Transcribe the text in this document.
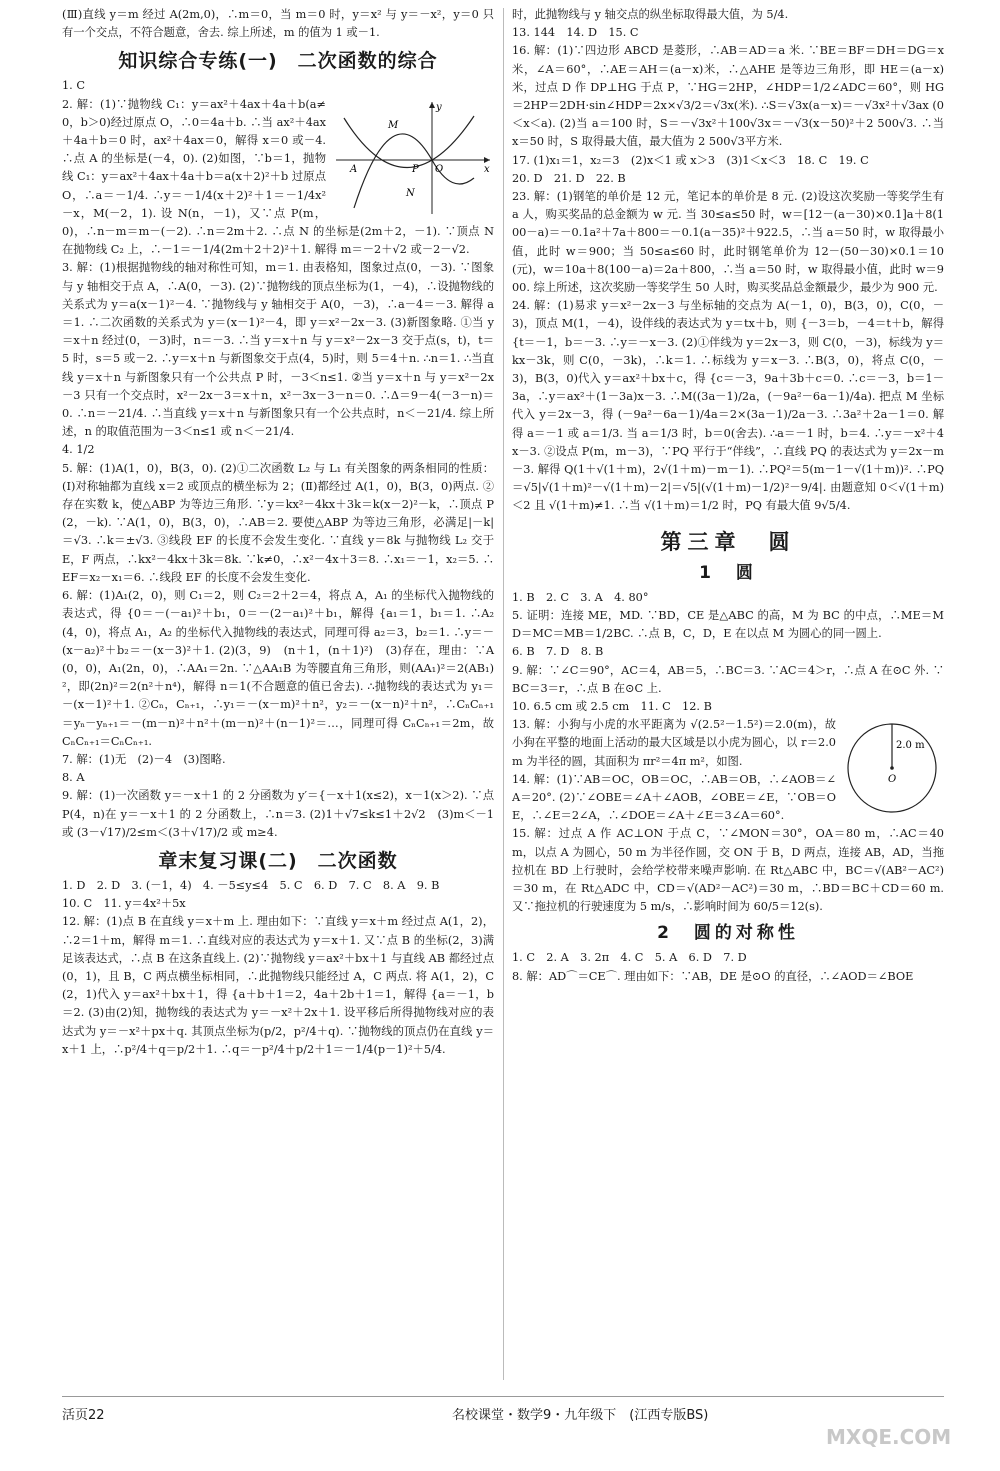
(Ⅲ)直线 y＝m 经过 A(2m,0)，∴m＝0，当 m＝0 时，y＝x² 与 y＝－x²，y＝0 只有一个交点，不符合题意，舍去. 综上所述，m 的值为 1 或－1.

知识综合专练(一)　二次函数的综合

1. C

y
M
P O
N
A	x

2. 解：(1)∵抛物线 C₁：y＝ax²＋4ax＋4a＋b(a≠0，b＞0)经过原点 O，∴0＝4a＋b. ∴当 ax²＋4ax＋4a＋b＝0 时，ax²＋4ax＝0，解得 x＝0 或－4. ∴点 A 的坐标是(－4，0). (2)如图，∵b＝1，抛物线 C₁：y＝ax²＋4ax＋4a＋b＝a(x＋2)²＋b 过原点 O，∴a＝－1/4. ∴y＝－1/4(x＋2)²＋1＝－1/4x²－x，M(－2，1). 设 N(n，－1)，又∵点 P(m，0)，∴n－m＝m－(－2). ∴n＝2m＋2. ∴点 N 的坐标是(2m＋2，－1). ∵顶点 N 在抛物线 C₂ 上，∴－1＝－1/4(2m＋2＋2)²＋1. 解得 m＝－2＋√2 或－2－√2.

3. 解：(1)根据抛物线的轴对称性可知，m＝1. 由表格知，图象过点(0，－3). ∵图象与 y 轴相交于点 A，∴A(0，－3). (2)∵抛物线的顶点坐标为(1，－4)，∴设抛物线的关系式为 y＝a(x－1)²－4. ∵抛物线与 y 轴相交于 A(0，－3)，∴a－4＝－3. 解得 a＝1. ∴二次函数的关系式为 y＝(x－1)²－4，即 y＝x²－2x－3. (3)新图象略. ①当 y＝x＋n 经过(0，－3)时，n＝－3. ∴当 y＝x＋n 与 y＝x²－2x－3 交于点(s，t)，t＝5 时，s＝5 或－2. ∴y＝x＋n 与新图象交于点(4，5)时，则 5＝4＋n. ∴n＝1. ∴当直线 y＝x＋n 与新图象只有一个公共点 P 时，－3＜n≤1. ②当 y＝x＋n 与 y＝x²－2x－3 只有一个交点时，x²－2x－3＝x＋n，x²－3x－3－n＝0. ∴Δ＝9－4(－3－n)＝0. ∴n＝－21/4. ∴当直线 y＝x＋n 与新图象只有一个公共点时，n＜－21/4. 综上所述，n 的取值范围为－3＜n≤1 或 n＜－21/4.

4. 1/2

5. 解：(1)A(1，0)，B(3，0). (2)①二次函数 L₂ 与 L₁ 有关图象的两条相同的性质：(Ⅰ)对称轴都为直线 x＝2 或顶点的横坐标为 2；(Ⅱ)都经过 A(1，0)，B(3，0)两点. ②存在实数 k，使△ABP 为等边三角形. ∵y＝kx²－4kx＋3k＝k(x－2)²－k，∴顶点 P(2，－k). ∵A(1，0)，B(3，0)，∴AB＝2. 要使△ABP 为等边三角形，必满足|－k|＝√3. ∴k＝±√3. ③线段 EF 的长度不会发生变化. ∵直线 y＝8k 与抛物线 L₂ 交于 E，F 两点，∴kx²－4kx＋3k＝8k. ∵k≠0，∴x²－4x＋3＝8. ∴x₁＝－1，x₂＝5. ∴EF＝x₂－x₁＝6. ∴线段 EF 的长度不会发生变化.

6. 解：(1)A₁(2，0)，则 C₁＝2，则 C₂＝2＋2＝4，将点 A，A₁ 的坐标代入抛物线的表达式，得 {0＝－(－a₁)²＋b₁，0＝－(2－a₁)²＋b₁，解得 {a₁＝1，b₁＝1. ∴A₂(4，0)，将点 A₁，A₂ 的坐标代入抛物线的表达式，同理可得 a₂＝3，b₂＝1. ∴y＝－(x－a₂)²＋b₂＝－(x－3)²＋1. (2)(3，9)　(n＋1，(n＋1)²)　(3)存在，理由：∵A(0，0)，A₁(2n，0)，∴AA₁＝2n. ∵△AA₁B 为等腰直角三角形，则(AA₁)²＝2(AB₁)²，即(2n)²＝2(n²＋n⁴)，解得 n＝1(不合题意的值已舍去). ∴抛物线的表达式为 y₁＝－(x－1)²＋1. ②Cₙ，Cₙ₊₁，∴y₁＝－(x－m)²＋n²，y₂＝－(x－n)²＋n²，∴CₙCₙ₊₁＝yₙ－yₙ₊₁＝－(m－n)²＋n²＋(m－n)²＋(n－1)²＝…，同理可得 CₙCₙ₊₁＝2m，故 CₙCₙ₊₁＝CₙCₙ₊₁.

7. 解：(1)无　(2)－4　(3)图略.

8. A

9. 解：(1)一次函数 y＝－x＋1 的 2 分函数为 y′＝{－x＋1(x≤2)，x－1(x＞2). ∵点 P(4，n)在 y＝－x＋1 的 2 分函数上，∴n＝3. (2)1＋√7≤k≤1＋2√2　(3)m＜－1 或 (3－√17)/2≤m＜(3＋√17)/2 或 m≥4.

章末复习课(二)　二次函数

1. D　2. D　3. (－1，4)　4. －5≤y≤4　5. C　6. D　7. C　8. A　9. B

10. C　11. y＝4x²＋5x

12. 解：(1)点 B 在直线 y＝x＋m 上. 理由如下：∵直线 y＝x＋m 经过点 A(1，2)，∴2＝1＋m，解得 m＝1. ∴直线对应的表达式为 y＝x＋1. 又∵点 B 的坐标(2，3)满足该表达式，∴点 B 在这条直线上. (2)∵抛物线 y＝ax²＋bx＋1 与直线 AB 都经过点(0，1)，且 B，C 两点横坐标相同，∴此抛物线只能经过 A，C 两点. 将 A(1，2)，C(2，1)代入 y＝ax²＋bx＋1，得 {a＋b＋1＝2，4a＋2b＋1＝1，解得 {a＝－1，b＝2. (3)由(2)知，抛物线的表达式为 y＝－x²＋2x＋1. 设平移后所得抛物线对应的表达式为 y＝－x²＋px＋q. 其顶点坐标为(p/2，p²/4＋q). ∵抛物线的顶点仍在直线 y＝x＋1 上，∴p²/4＋q＝p/2＋1. ∴q＝－p²/4＋p/2＋1＝－1/4(p－1)²＋5/4.

时，此抛物线与 y 轴交点的纵坐标取得最大值，为 5/4.

13. 144　14. D　15. C

16. 解：(1)∵四边形 ABCD 是菱形，∴AB＝AD＝a 米. ∵BE＝BF＝DH＝DG＝x 米，∠A＝60°，∴AE＝AH＝(a－x)米，∴△AHE 是等边三角形，即 HE＝(a－x)米，过点 D 作 DP⊥HG 于点 P，∵HG＝2HP，∠HDP＝1/2∠ADC＝60°，则 HG＝2HP＝2DH·sin∠HDP＝2x×√3/2＝√3x(米). ∴S＝√3x(a－x)＝－√3x²＋√3ax (0＜x＜a). (2)当 a＝100 时，S＝－√3x²＋100√3x＝－√3(x－50)²＋2 500√3. ∴当 x＝50 时，S 取得最大值，最大值为 2 500√3平方米.

17. (1)x₁＝1，x₂＝3　(2)x＜1 或 x＞3　(3)1＜x＜3　18. C　19. C

20. D　21. D　22. B

23. 解：(1)钢笔的单价是 12 元，笔记本的单价是 8 元. (2)设这次奖励一等奖学生有 a 人，购买奖品的总金额为 w 元. 当 30≤a≤50 时，w＝[12－(a－30)×0.1]a＋8(100－a)＝－0.1a²＋7a＋800＝－0.1(a－35)²＋922.5，∴当 a＝50 时，w 取得最小值，此时 w＝900；当 50≤a≤60 时，此时钢笔单价为 12－(50－30)×0.1＝10(元)，w＝10a＋8(100－a)＝2a＋800，∴当 a＝50 时，w 取得最小值，此时 w＝900. 综上所述，这次奖励一等奖学生 50 人时，购买奖品总金额最少，最少为 900 元.

24. 解：(1)易求 y＝x²－2x－3 与坐标轴的交点为 A(－1，0)，B(3，0)，C(0，－3)，顶点 M(1，－4)，设伴线的表达式为 y＝tx＋b，则 {－3＝b，－4＝t＋b，解得 {t＝－1，b＝－3. ∴y＝－x－3. (2)①伴线为 y＝2x－3，则 C(0，－3)，标线为 y＝kx－3k，则 C(0，－3k)，∴k＝1. ∴标线为 y＝x－3. ∴B(3，0)，将点 C(0，－3)，B(3，0)代入 y＝ax²＋bx＋c，得 {c＝－3，9a＋3b＋c＝0. ∴c＝－3，b＝1－3a，∴y＝ax²＋(1－3a)x－3. ∴M((3a－1)/2a，(－9a²－6a－1)/4a). 把点 M 坐标代入 y＝2x－3，得 (－9a²－6a－1)/4a＝2×(3a－1)/2a－3. ∴3a²＋2a－1＝0. 解得 a＝－1 或 a＝1/3. 当 a＝1/3 时，b＝0(舍去). ∴a＝－1 时，b＝4. ∴y＝－x²＋4x－3. ②设点 P(m，m－3)，∵PQ 平行于“伴线”，∴直线 PQ 的表达式为 y＝2x－m－3. 解得 Q(1＋√(1＋m)，2√(1＋m)－m－1). ∴PQ²＝5(m－1－√(1＋m))². ∴PQ＝√5|√(1＋m)²－√(1＋m)－2|＝√5|(√(1＋m)－1/2)²－9/4|. 由题意知 0＜√(1＋m)＜2 且 √(1＋m)≠1. ∴当 √(1＋m)＝1/2 时，PQ 有最大值 9√5/4.

第三章　圆
1　圆

1. B　2. C　3. A　4. 80°

5. 证明：连接 ME，MD. ∵BD，CE 是△ABC 的高，M 为 BC 的中点，∴ME＝MD＝MC＝MB＝1/2BC. ∴点 B，C，D，E 在以点 M 为圆心的同一圆上.

6. B　7. D　8. B

9. 解：∵∠C＝90°，AC＝4，AB＝5，∴BC＝3. ∵AC＝4＞r，∴点 A 在⊙C 外. ∵BC＝3＝r，∴点 B 在⊙C 上.

10. 6.5 cm 或 2.5 cm　11. C　12. B

2.0 m
O

13. 解：小狗与小虎的水平距离为 √(2.5²－1.5²)＝2.0(m)，故小狗在平整的地面上活动的最大区域是以小虎为圆心，以 r＝2.0 m 为半径的圆，其面积为 πr²＝4π m²，如图.

14. 解：(1)∵AB＝OC，OB＝OC，∴AB＝OB，∴∠AOB＝∠A＝20°. (2)∵∠OBE＝∠A＋∠AOB，∠OBE＝∠E，∵OB＝OE，∴∠E＝2∠A，∴∠DOE＝∠A＋∠E＝3∠A＝60°.

15. 解：过点 A 作 AC⊥ON 于点 C，∵∠MON＝30°，OA＝80 m，∴AC＝40 m，以点 A 为圆心，50 m 为半径作圆，交 ON 于 B，D 两点，连接 AB，AD，当拖拉机在 BD 上行驶时，会给学校带来噪声影响. 在 Rt△ABC 中，BC＝√(AB²－AC²)＝30 m，在 Rt△ADC 中，CD＝√(AD²－AC²)＝30 m，∴BD＝BC＋CD＝60 m. 又∵拖拉机的行驶速度为 5 m/s，∴影响时间为 60/5＝12(s).

2　圆的对称性

1. C　2. A　3. 2π　4. C　5. A　6. D　7. D

8. 解：AD⌒＝CE⌒. 理由如下：∵AB，DE 是⊙O 的直径，∴∠AOD＝∠BOE

活页22	名校课堂・数学9・九年级下　(江西专版BS)
MXQE.COM
